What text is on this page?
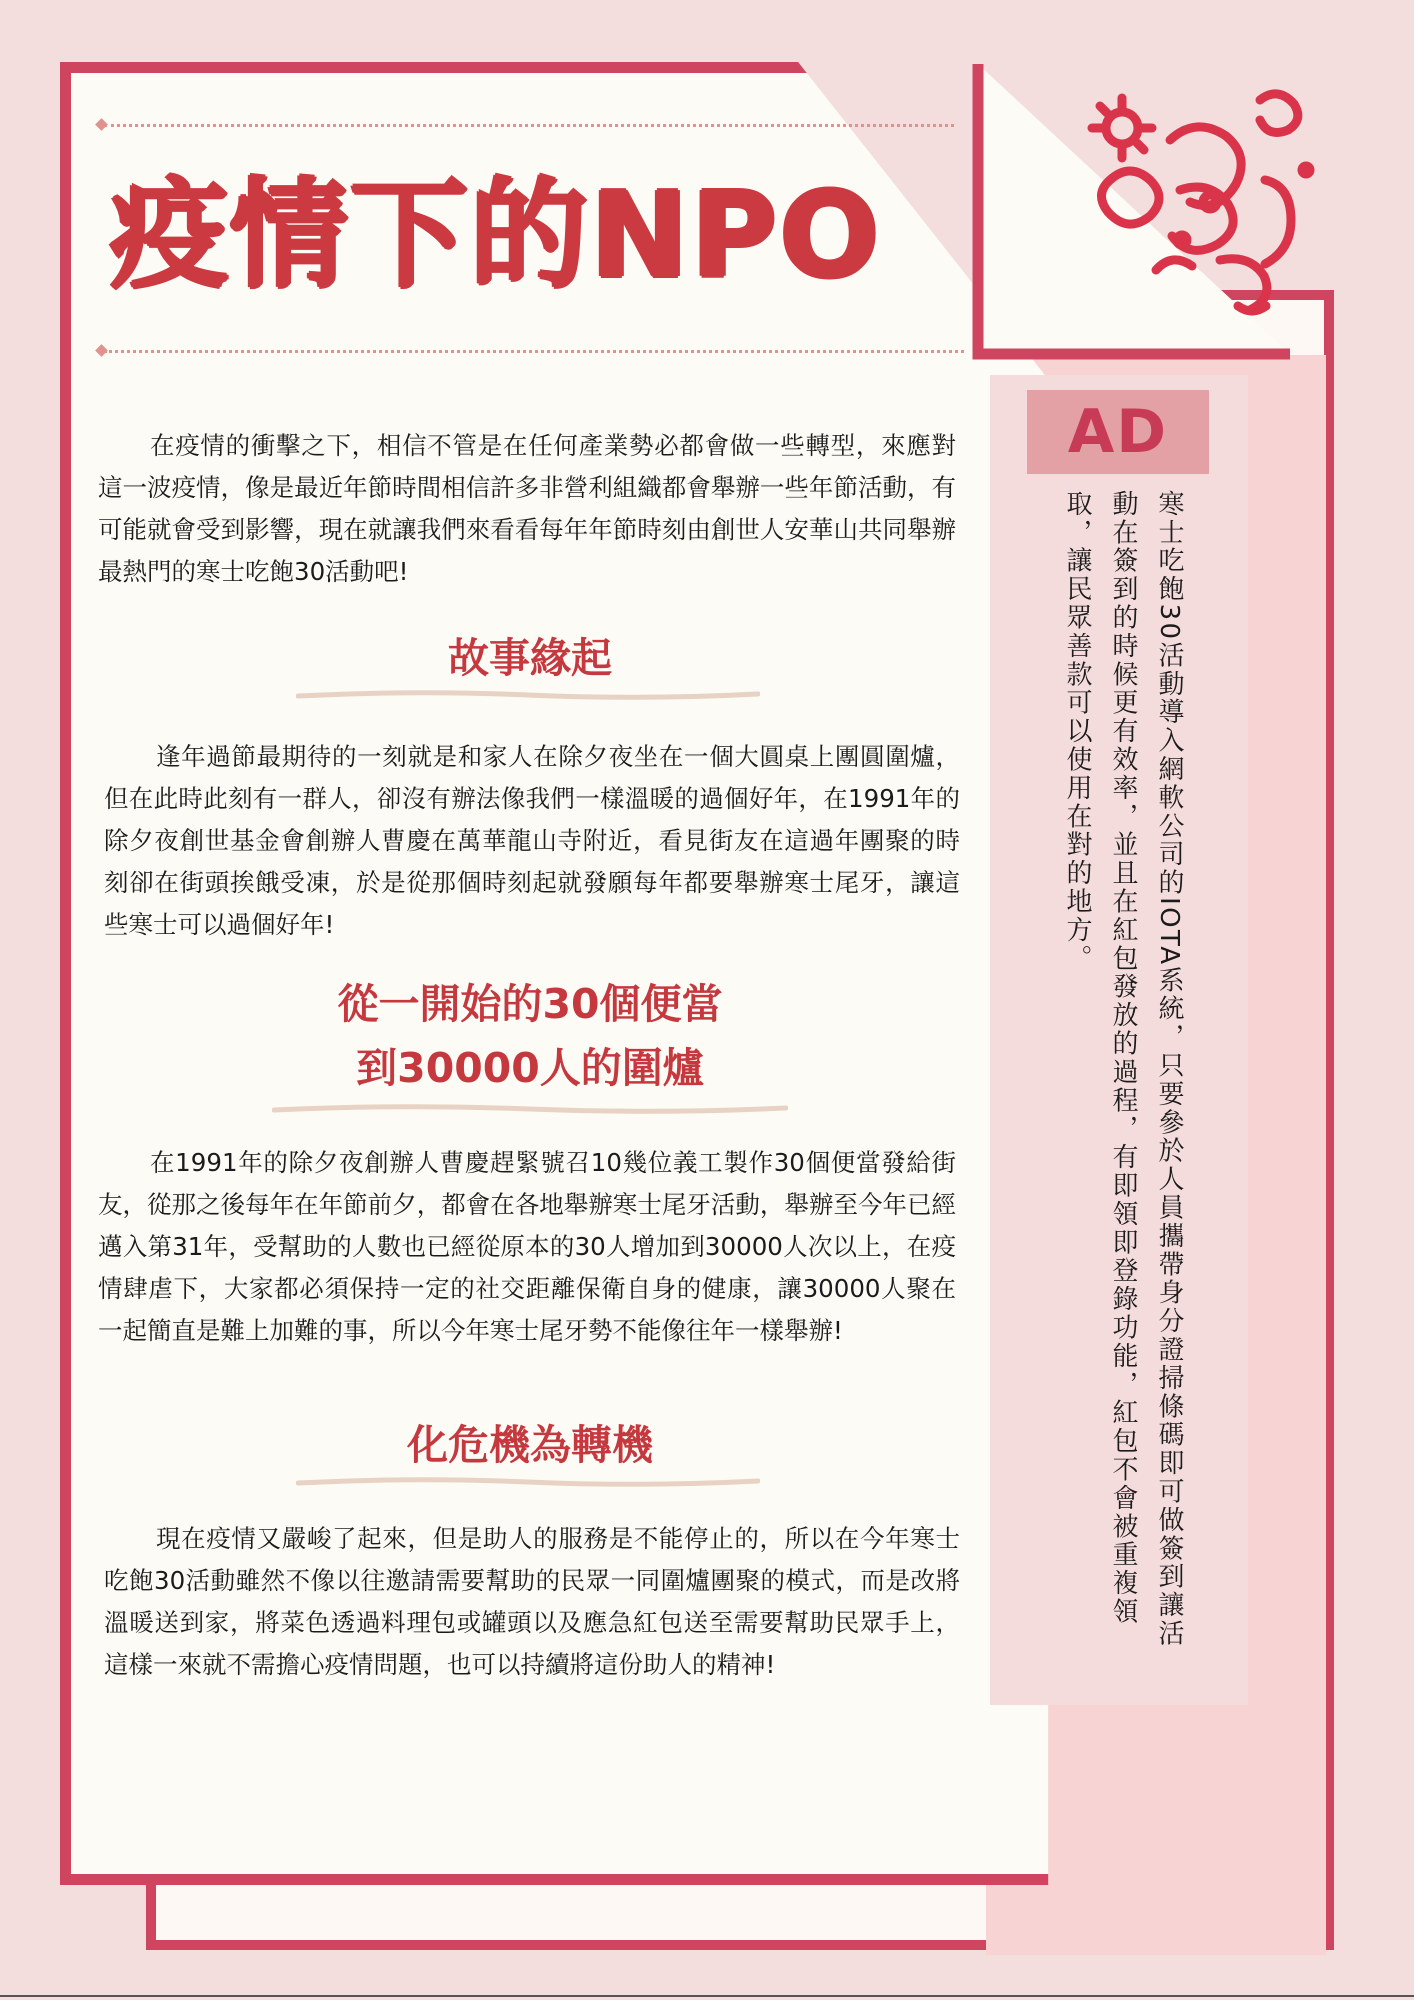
疫情下的NPO

在疫情的衝擊之下，相信不管是在任何產業勢必都會做一些轉型，來應對這一波疫情，像是最近年節時間相信許多非營利組織都會舉辦一些年節活動，有可能就會受到影響，現在就讓我們來看看每年年節時刻由創世人安華山共同舉辦最熱門的寒士吃飽30活動吧!

故事緣起

逢年過節最期待的一刻就是和家人在除夕夜坐在一個大圓桌上團圓圍爐，但在此時此刻有一群人，卻沒有辦法像我們一樣溫暖的過個好年，在1991年的除夕夜創世基金會創辦人曹慶在萬華龍山寺附近，看見街友在這過年團聚的時刻卻在街頭挨餓受凍，於是從那個時刻起就發願每年都要舉辦寒士尾牙，讓這些寒士可以過個好年!

從一開始的30個便當
到30000人的圍爐

在1991年的除夕夜創辦人曹慶趕緊號召10幾位義工製作30個便當發給街友，從那之後每年在年節前夕，都會在各地舉辦寒士尾牙活動，舉辦至今年已經邁入第31年，受幫助的人數也已經從原本的30人增加到30000人次以上，在疫情肆虐下，大家都必須保持一定的社交距離保衛自身的健康，讓30000人聚在一起簡直是難上加難的事，所以今年寒士尾牙勢不能像往年一樣舉辦!

化危機為轉機

現在疫情又嚴峻了起來，但是助人的服務是不能停止的，所以在今年寒士吃飽30活動雖然不像以往邀請需要幫助的民眾一同圍爐團聚的模式，而是改將溫暖送到家，將菜色透過料理包或罐頭以及應急紅包送至需要幫助民眾手上，這樣一來就不需擔心疫情問題，也可以持續將這份助人的精神!

AD
寒士吃飽30活動導入網軟公司的IOTA系統，只要參於人員攜帶身分證掃條碼即可做簽到讓活動在簽到的時候更有效率，並且在紅包發放的過程，有即領即登錄功能，紅包不會被重複領取，讓民眾善款可以使用在對的地方。
